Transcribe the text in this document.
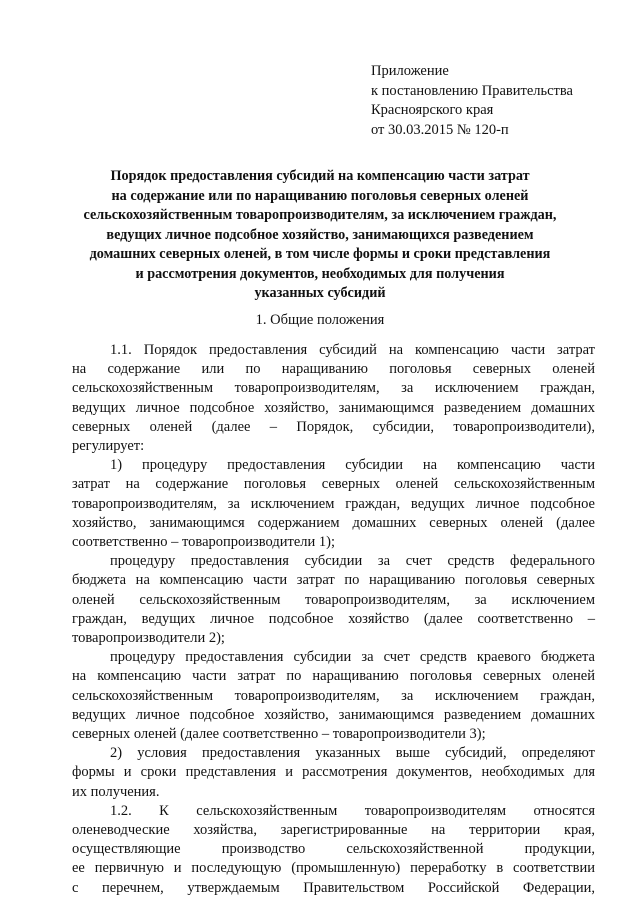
Приложение
к постановлению Правительства
Красноярского края
от 30.03.2015 № 120-п
Порядок предоставления субсидий на компенсацию части затрат
на содержание или по наращиванию поголовья северных оленей
сельскохозяйственным товаропроизводителям, за исключением граждан,
ведущих личное подсобное хозяйство, занимающихся разведением
домашних северных оленей, в том числе формы и сроки представления
и рассмотрения документов, необходимых для получения
указанных субсидий
1. Общие положения
1.1. Порядок предоставления субсидий на компенсацию части затрат
на содержание или по наращиванию поголовья северных оленей
сельскохозяйственным товаропроизводителям, за исключением граждан,
ведущих личное подсобное хозяйство, занимающимся разведением домашних
северных оленей (далее – Порядок, субсидии, товаропроизводители),
регулирует:
1) процедуру предоставления субсидии на компенсацию части
затрат на содержание поголовья северных оленей сельскохозяйственным
товаропроизводителям, за исключением граждан, ведущих личное подсобное
хозяйство, занимающимся содержанием домашних северных оленей (далее
соответственно – товаропроизводители 1);
процедуру предоставления субсидии за счет средств федерального
бюджета на компенсацию части затрат по наращиванию поголовья северных
оленей сельскохозяйственным товаропроизводителям, за исключением
граждан, ведущих личное подсобное хозяйство (далее соответственно –
товаропроизводители 2);
процедуру предоставления субсидии за счет средств краевого бюджета
на компенсацию части затрат по наращиванию поголовья северных оленей
сельскохозяйственным товаропроизводителям, за исключением граждан,
ведущих личное подсобное хозяйство, занимающимся разведением домашних
северных оленей (далее соответственно – товаропроизводители 3);
2) условия предоставления указанных выше субсидий, определяют
формы и сроки представления и рассмотрения документов, необходимых для
их получения.
1.2. К сельскохозяйственным товаропроизводителям относятся
оленеводческие хозяйства, зарегистрированные на территории края,
осуществляющие производство сельскохозяйственной продукции,
ее первичную и последующую (промышленную) переработку в соответствии
с перечнем, утверждаемым Правительством Российской Федерации,
